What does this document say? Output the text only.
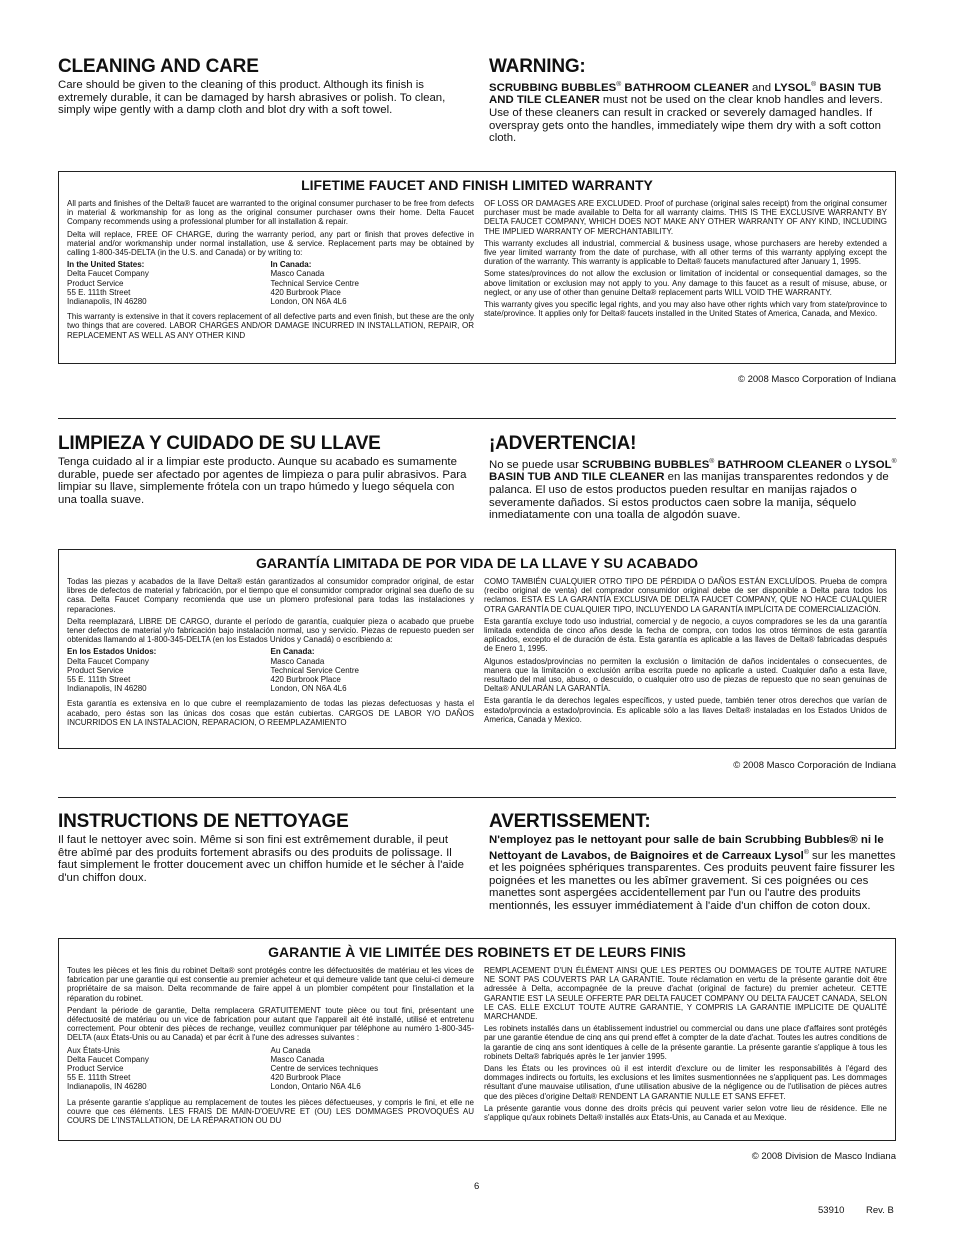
CLEANING AND CARE

Care should be given to the cleaning of this product. Although its finish is extremely durable, it can be damaged by harsh abrasives or polish. To clean, simply wipe gently with a damp cloth and blot dry with a soft towel.

WARNING:

SCRUBBING BUBBLES® BATHROOM CLEANER and LYSOL® BASIN TUB AND TILE CLEANER must not be used on the clear knob handles and levers. Use of these cleaners can result in cracked or severely damaged handles. If overspray gets onto the handles, immediately wipe them dry with a soft cotton cloth.

LIFETIME FAUCET AND FINISH LIMITED WARRANTY

All parts and finishes of the Delta® faucet are warranted to the original consumer purchaser to be free from defects in material & workmanship for as long as the original consumer purchaser owns their home. Delta Faucet Company recommends using a professional plumber for all installation & repair.

Delta will replace, FREE OF CHARGE, during the warranty period, any part or finish that proves defective in material and/or workmanship under normal installation, use & service. Replacement parts may be obtained by calling 1-800-345-DELTA (in the U.S. and Canada) or by writing to:

In the United States:
Delta Faucet Company
Product Service
55 E. 111th Street
Indianapolis, IN 46280
In Canada:
Masco Canada
Technical Service Centre
420 Burbrook Place
London, ON N6A 4L6

This warranty is extensive in that it covers replacement of all defective parts and even finish, but these are the only two things that are covered. LABOR CHARGES AND/OR DAMAGE INCURRED IN INSTALLATION, REPAIR, OR REPLACEMENT AS WELL AS ANY OTHER KIND

OF LOSS OR DAMAGES ARE EXCLUDED. Proof of purchase (original sales receipt) from the original consumer purchaser must be made available to Delta for all warranty claims. THIS IS THE EXCLUSIVE WARRANTY BY DELTA FAUCET COMPANY, WHICH DOES NOT MAKE ANY OTHER WARRANTY OF ANY KIND, INCLUDING THE IMPLIED WARRANTY OF MERCHANTABILITY.

This warranty excludes all industrial, commercial & business usage, whose purchasers are hereby extended a five year limited warranty from the date of purchase, with all other terms of this warranty applying except the duration of the warranty. This warranty is applicable to Delta® faucets manufactured after January 1, 1995.

Some states/provinces do not allow the exclusion or limitation of incidental or consequential damages, so the above limitation or exclusion may not apply to you. Any damage to this faucet as a result of misuse, abuse, or neglect, or any use of other than genuine Delta® replacement parts WILL VOID THE WARRANTY.

This warranty gives you specific legal rights, and you may also have other rights which vary from state/province to state/province. It applies only for Delta® faucets installed in the United States of America, Canada, and Mexico.

© 2008 Masco Corporation of Indiana
LIMPIEZA Y CUIDADO DE SU LLAVE

Tenga cuidado al ir a limpiar este producto. Aunque su acabado es sumamente durable, puede ser afectado por agentes de limpieza o para pulir abrasivos. Para limpiar su llave, simplemente frótela con un trapo húmedo y luego séquela con una toalla suave.

¡ADVERTENCIA!

No se puede usar SCRUBBING BUBBLES® BATHROOM CLEANER o LYSOL® BASIN TUB AND TILE CLEANER en las manijas transparentes redondos y de palanca. El uso de estos productos pueden resultar en manijas rajados o severamente dañados. Si estos productos caen sobre la manija, séquelo inmediatamente con una toalla de algodón suave.

GARANTÍA LIMITADA DE POR VIDA DE LA LLAVE Y SU ACABADO

Todas las piezas y acabados de la llave Delta® están garantizados al consumidor comprador original, de estar libres de defectos de material y fabricación, por el tiempo que el consumidor comprador original sea dueño de su casa. Delta Faucet Company recomienda que use un plomero profesional para todas las instalaciones y reparaciones.

Delta reemplazará, LIBRE DE CARGO, durante el período de garantía, cualquier pieza o acabado que pruebe tener defectos de material y/o fabricación bajo instalación normal, uso y servicio. Piezas de repuesto pueden ser obtenidas llamando al 1-800-345-DELTA (en los Estados Unidos y Canadá) o escribiendo a:

En los Estados Unidos:
Delta Faucet Company
Product Service
55 E. 111th Street
Indianapolis, IN 46280
En Canada:
Masco Canada
Technical Service Centre
420 Burbrook Place
London, ON N6A 4L6

Esta garantía es extensiva en lo que cubre el reemplazamiento de todas las piezas defectuosas y hasta el acabado, pero éstas son las únicas dos cosas que están cubiertas. CARGOS DE LABOR Y/O DAÑOS INCURRIDOS EN LA INSTALACION, REPARACION, O REEMPLAZAMIENTO

COMO TAMBIÉN CUALQUIER OTRO TIPO DE PÉRDIDA O DAÑOS ESTÁN EXCLUÍDOS. Prueba de compra (recibo original de venta) del comprador consumidor original debe de ser disponible a Delta para todos los reclamos. ESTA ES LA GARANTÍA EXCLUSIVA DE DELTA FAUCET COMPANY, QUE NO HACE CUALQUIER OTRA GARANTÍA DE CUALQUIER TIPO, INCLUYENDO LA GARANTÍA IMPLÍCITA DE COMERCIALIZACIÓN.

Esta garantía excluye todo uso industrial, comercial y de negocio, a cuyos compradores se les da una garantía limitada extendida de cinco años desde la fecha de compra, con todos los otros términos de esta garantía aplicados, excepto el de duración de ésta. Esta garantía es aplicable a las llaves de Delta® fabricadas después de Enero 1, 1995.

Algunos estados/provincias no permiten la exclusión o limitación de daños incidentales o consecuentes, de manera que la limitación o exclusión arriba escrita puede no aplicarle a usted. Cualquier daño a esta llave, resultado del mal uso, abuso, o descuido, o cualquier otro uso de piezas de repuesto que no sean genuinas de Delta® ANULARÁN LA GARANTÍA.

Esta garantía le da derechos legales específicos, y usted puede, también tener otros derechos que varían de estado/provincia a estado/provincia. Es aplicable sólo a las llaves Delta® instaladas en los Estados Unidos de America, Canada y Mexico.

© 2008 Masco Corporación de Indiana
INSTRUCTIONS DE NETTOYAGE

Il faut le nettoyer avec soin. Même si son fini est extrêmement durable, il peut être abîmé par des produits fortement abrasifs ou des produits de polissage. Il faut simplement le frotter doucement avec un chiffon humide et le sécher à l'aide d'un chiffon doux.

AVERTISSEMENT:

N'employez pas le nettoyant pour salle de bain Scrubbing Bubbles® ni le Nettoyant de Lavabos, de Baignoires et de Carreaux Lysol® sur les manettes et les poignées sphériques transparentes. Ces produits peuvent faire fissurer les poignées et les manettes ou les abîmer gravement. Si ces poignées ou ces manettes sont aspergées accidentellement par l'un ou l'autre des produits mentionnés, les essuyer immédiatement à l'aide d'un chiffon de coton doux.

GARANTIE À VIE LIMITÉE DES ROBINETS ET DE LEURS FINIS

Toutes les pièces et les finis du robinet Delta® sont protégés contre les défectuosités de matériau et les vices de fabrication par une garantie qui est consentie au premier acheteur et qui demeure valide tant que celui-ci demeure propriétaire de sa maison. Delta recommande de faire appel à un plombier compétent pour l'installation et la réparation du robinet.

Pendant la période de garantie, Delta remplacera GRATUITEMENT toute pièce ou tout fini, présentant une défectuosité de matériau ou un vice de fabrication pour autant que l'appareil ait été installé, utilisé et entretenu correctement. Pour obtenir des pièces de rechange, veuillez communiquer par téléphone au numéro 1-800-345-DELTA (aux États-Unis ou au Canada) et par écrit à l'une des adresses suivantes :

Aux États-Unis
Delta Faucet Company
Product Service
55 E. 111th Street
Indianapolis, IN 46280
Au Canada
Masco Canada
Centre de services techniques
420 Burbrook Place
London, Ontario N6A 4L6

La présente garantie s'applique au remplacement de toutes les pièces défectueuses, y compris le fini, et elle ne couvre que ces éléments. LES FRAIS DE MAIN-D'OEUVRE ET (OU) LES DOMMAGES PROVOQUÉS AU COURS DE L'INSTALLATION, DE LA RÉPARATION OU DU

REMPLACEMENT D'UN ÉLÉMENT AINSI QUE LES PERTES OU DOMMAGES DE TOUTE AUTRE NATURE NE SONT PAS COUVERTS PAR LA GARANTIE. Toute réclamation en vertu de la présente garantie doit être adressée à Delta, accompagnée de la preuve d'achat (original de facture) du premier acheteur. CETTE GARANTIE EST LA SEULE OFFERTE PAR DELTA FAUCET COMPANY OU DELTA FAUCET CANADA, SELON LE CAS. ELLE EXCLUT TOUTE AUTRE GARANTIE, Y COMPRIS LA GARANTIE IMPLICITE DE QUALITÉ MARCHANDE.

Les robinets installés dans un établissement industriel ou commercial ou dans une place d'affaires sont protégés par une garantie étendue de cinq ans qui prend effet à compter de la date d'achat. Toutes les autres conditions de la garantie de cinq ans sont identiques à celle de la présente garantie. La présente garantie s'applique à tous les robinets Delta® fabriqués après le 1er janvier 1995.

Dans les États ou les provinces où il est interdit d'exclure ou de limiter les responsabilités à l'égard des dommages indirects ou fortuits, les exclusions et les limites susmentionnées ne s'appliquent pas. Les dommages résultant d'une mauvaise utilisation, d'une utilisation abusive de la négligence ou de l'utilisation de pièces autres que des pièces d'origine Delta® RENDENT LA GARANTIE NULLE ET SANS EFFET.

La présente garantie vous donne des droits précis qui peuvent varier selon votre lieu de résidence. Elle ne s'applique qu'aux robinets Delta® installés aux États-Unis, au Canada et au Mexique.

© 2008 Division de Masco Indiana
6
53910 Rev. B
